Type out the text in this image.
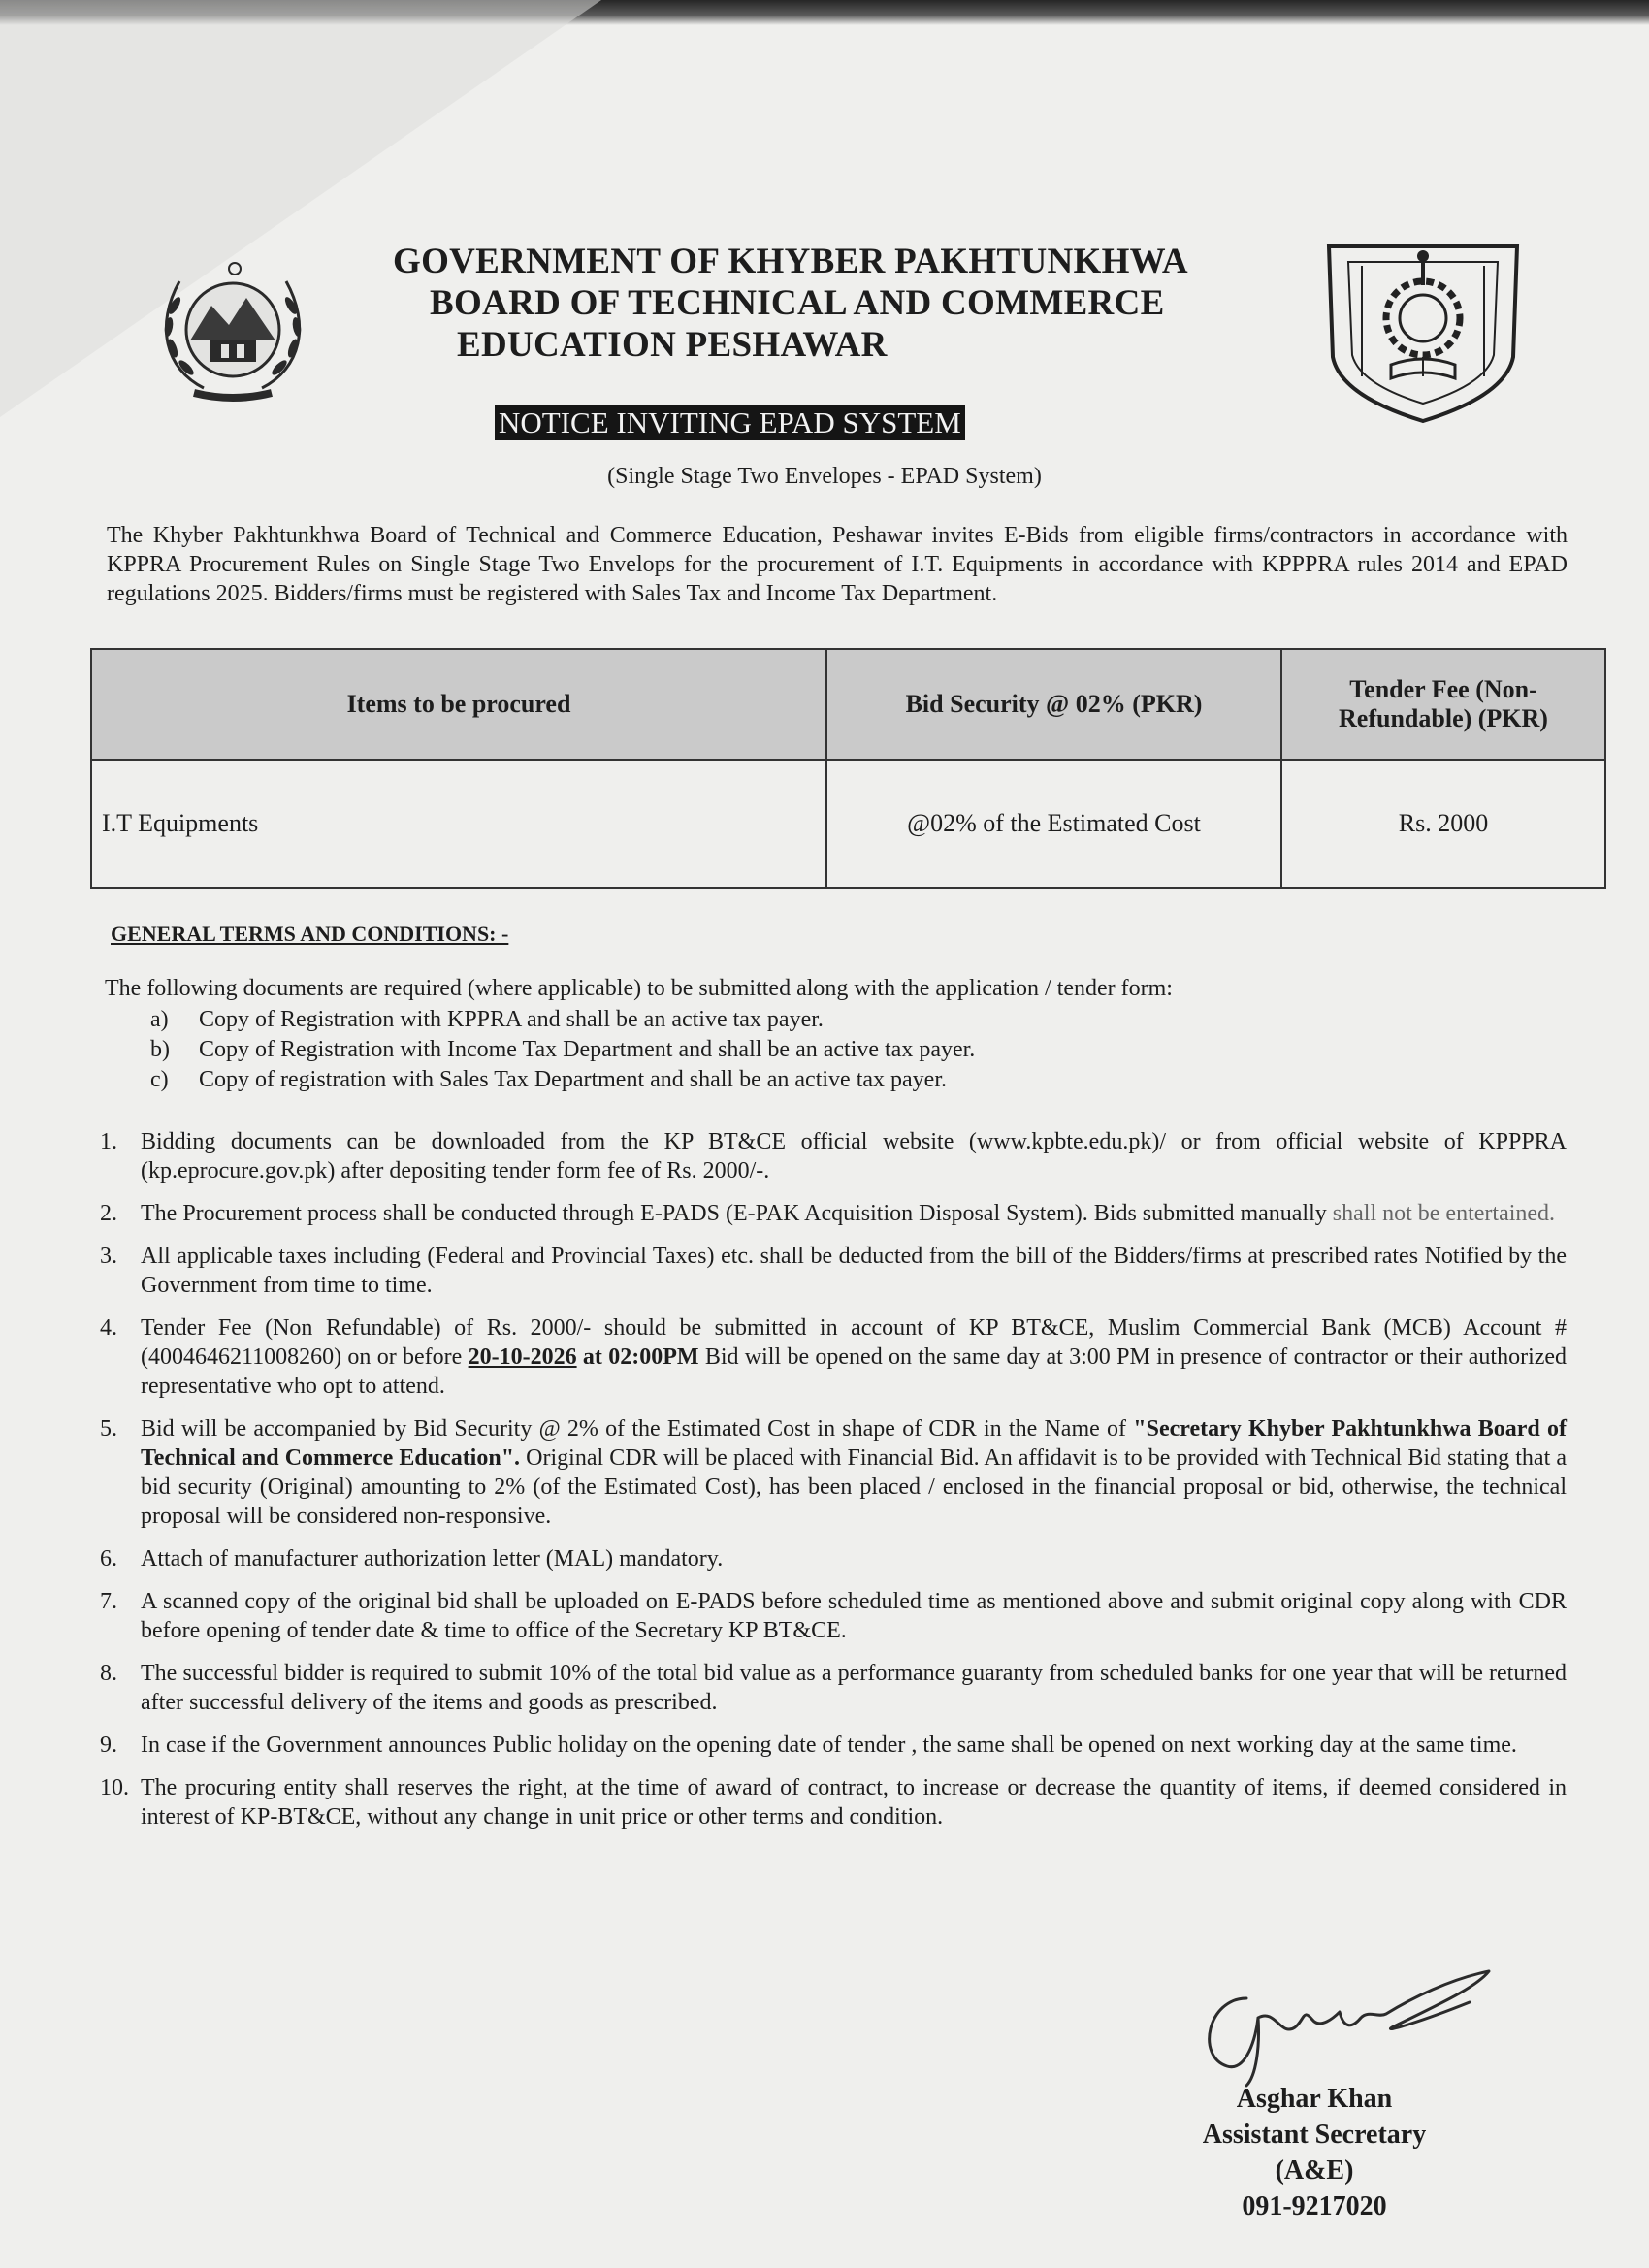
GOVERNMENT OF KHYBER PAKHTUNKHWA
BOARD OF TECHNICAL AND COMMERCE
EDUCATION PESHAWAR
NOTICE INVITING EPAD SYSTEM
(Single Stage Two Envelopes - EPAD System)
The Khyber Pakhtunkhwa Board of Technical and Commerce Education, Peshawar invites E-Bids from eligible firms/contractors in accordance with KPPRA Procurement Rules on Single Stage Two Envelops for the procurement of I.T. Equipments in accordance with KPPPRA rules 2014 and EPAD regulations 2025. Bidders/firms must be registered with Sales Tax and Income Tax Department.
Items to be procured	Bid Security @ 02% (PKR)	Tender Fee (Non-Refundable) (PKR)
I.T Equipments	@02% of the Estimated Cost	Rs. 2000
GENERAL TERMS AND CONDITIONS: -
The following documents are required (where applicable) to be submitted along with the application / tender form:
a) Copy of Registration with KPPRA and shall be an active tax payer.
b) Copy of Registration with Income Tax Department and shall be an active tax payer.
c) Copy of registration with Sales Tax Department and shall be an active tax payer.
1. Bidding documents can be downloaded from the KP BT&CE official website (www.kpbte.edu.pk)/ or from official website of KPPPRA (kp.eprocure.gov.pk) after depositing tender form fee of Rs. 2000/-.
2. The Procurement process shall be conducted through E-PADS (E-PAK Acquisition Disposal System). Bids submitted manually shall not be entertained.
3. All applicable taxes including (Federal and Provincial Taxes) etc. shall be deducted from the bill of the Bidders/firms at prescribed rates Notified by the Government from time to time.
4. Tender Fee (Non Refundable) of Rs. 2000/- should be submitted in account of KP BT&CE, Muslim Commercial Bank (MCB) Account #(4004646211008260) on or before 20-10-2026 at 02:00PM Bid will be opened on the same day at 3:00 PM in presence of contractor or their authorized representative who opt to attend.
5. Bid will be accompanied by Bid Security @ 2% of the Estimated Cost in shape of CDR in the Name of "Secretary Khyber Pakhtunkhwa Board of Technical and Commerce Education". Original CDR will be placed with Financial Bid. An affidavit is to be provided with Technical Bid stating that a bid security (Original) amounting to 2% (of the Estimated Cost), has been placed / enclosed in the financial proposal or bid, otherwise, the technical proposal will be considered non-responsive.
6. Attach of manufacturer authorization letter (MAL) mandatory.
7. A scanned copy of the original bid shall be uploaded on E-PADS before scheduled time as mentioned above and submit original copy along with CDR before opening of tender date & time to office of the Secretary KP BT&CE.
8. The successful bidder is required to submit 10% of the total bid value as a performance guaranty from scheduled banks for one year that will be returned after successful delivery of the items and goods as prescribed.
9. In case if the Government announces Public holiday on the opening date of tender , the same shall be opened on next working day at the same time.
10. The procuring entity shall reserves the right, at the time of award of contract, to increase or decrease the quantity of items, if deemed considered in interest of KP-BT&CE, without any change in unit price or other terms and condition.
Asghar Khan
Assistant Secretary
(A&E)
091-9217020
